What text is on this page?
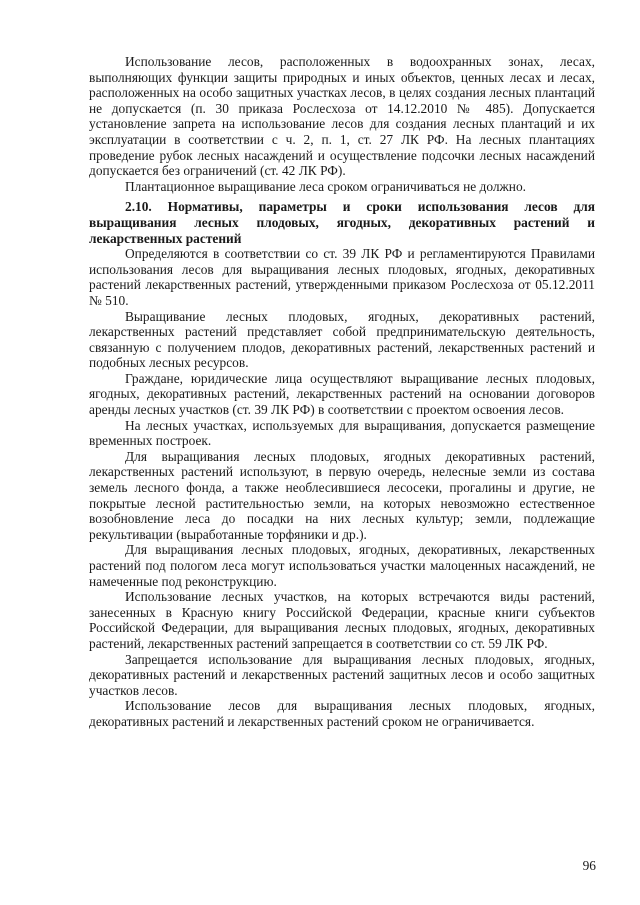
Использование лесов, расположенных в водоохранных зонах, лесах, выполняющих функции защиты природных и иных объектов, ценных лесах и лесах, расположенных на особо защитных участках лесов, в целях создания лесных плантаций не допускается (п. 30 приказа Рослесхоза от 14.12.2010 № 485). Допускается установление запрета на использование лесов для создания лесных плантаций и их эксплуатации в соответствии с ч. 2, п. 1, ст. 27 ЛК РФ. На лесных плантациях проведение рубок лесных насаждений и осуществление подсочки лесных насаждений допускается без ограничений (ст. 42 ЛК РФ).

Плантационное выращивание леса сроком ограничиваться не должно.

2.10. Нормативы, параметры и сроки использования лесов для выращивания лесных плодовых, ягодных, декоративных растений и лекарственных растений

Определяются в соответствии со ст. 39 ЛК РФ и регламентируются Правилами использования лесов для выращивания лесных плодовых, ягодных, декоративных растений лекарственных растений, утвержденными приказом Рослесхоза от 05.12.2011 № 510.

Выращивание лесных плодовых, ягодных, декоративных растений, лекарственных растений представляет собой предпринимательскую деятельность, связанную с получением плодов, декоративных растений, лекарственных растений и подобных лесных ресурсов.

Граждане, юридические лица осуществляют выращивание лесных плодовых, ягодных, декоративных растений, лекарственных растений на основании договоров аренды лесных участков (ст. 39 ЛК РФ) в соответствии с проектом освоения лесов.

На лесных участках, используемых для выращивания, допускается размещение временных построек.

Для выращивания лесных плодовых, ягодных декоративных растений, лекарственных растений используют, в первую очередь, нелесные земли из состава земель лесного фонда, а также необлесившиеся лесосеки, прогалины и другие, не покрытые лесной растительностью земли, на которых невозможно естественное возобновление леса до посадки на них лесных культур; земли, подлежащие рекультивации (выработанные торфяники и др.).

Для выращивания лесных плодовых, ягодных, декоративных, лекарственных растений под пологом леса могут использоваться участки малоценных насаждений, не намеченные под реконструкцию.

Использование лесных участков, на которых встречаются виды растений, занесенных в Красную книгу Российской Федерации, красные книги субъектов Российской Федерации, для выращивания лесных плодовых, ягодных, декоративных растений, лекарственных растений запрещается в соответствии со ст. 59 ЛК РФ.

Запрещается использование для выращивания лесных плодовых, ягодных, декоративных растений и лекарственных растений защитных лесов и особо защитных участков лесов.

Использование лесов для выращивания лесных плодовых, ягодных, декоративных растений и лекарственных растений сроком не ограничивается.

96
